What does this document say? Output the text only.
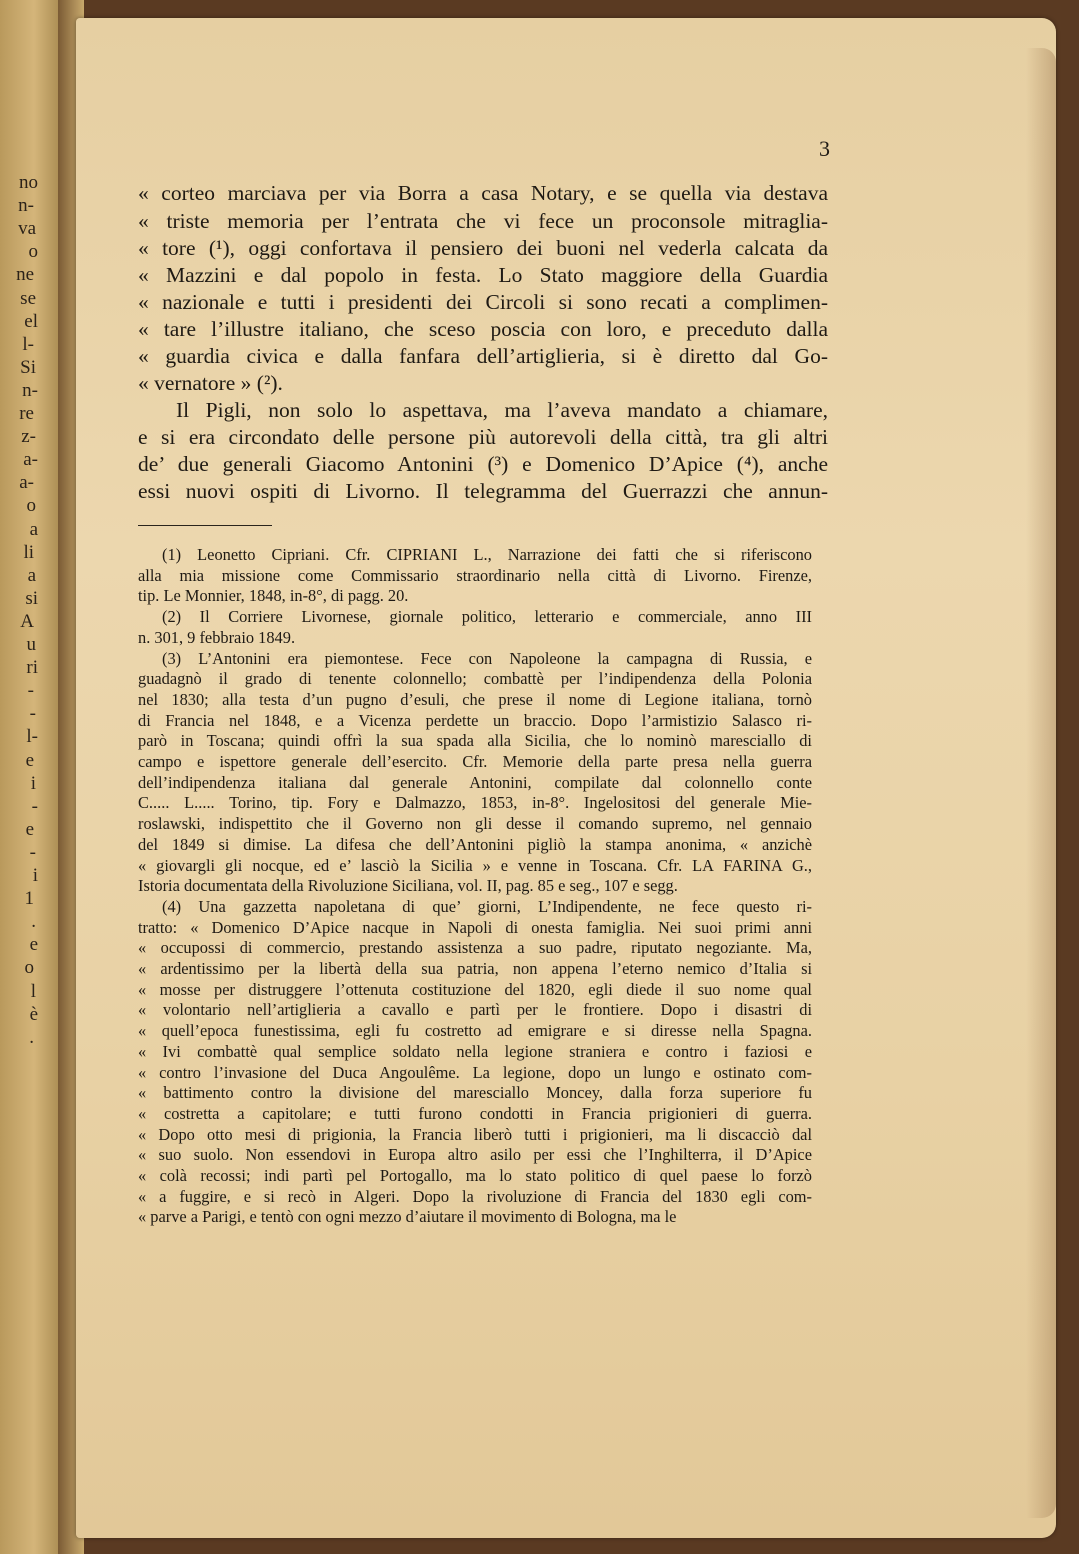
no
n-
va
o
ne
se
el
l-
Si
n-
re
z-
a-
a-
o
a
li
a
si
A
u
ri
-
-
l-
e
i
-
e
-
i
1
.
e
o
l
è
.
3
« corteo marciava per via Borra a casa Notary, e se quella via destava
« triste memoria per l’entrata che vi fece un proconsole mitraglia-
« tore (¹), oggi confortava il pensiero dei buoni nel vederla calcata da
« Mazzini e dal popolo in festa. Lo Stato maggiore della Guardia
« nazionale e tutti i presidenti dei Circoli si sono recati a complimen-
« tare l’illustre italiano, che sceso poscia con loro, e preceduto dalla
« guardia civica e dalla fanfara dell’artiglieria, si è diretto dal Go-
« vernatore » (²).
Il Pigli, non solo lo aspettava, ma l’aveva mandato a chiamare,
e si era circondato delle persone più autorevoli della città, tra gli altri
de’ due generali Giacomo Antonini (³) e Domenico D’Apice (⁴), anche
essi nuovi ospiti di Livorno. Il telegramma del Guerrazzi che annun-
(1) Leonetto Cipriani. Cfr. CIPRIANI L., Narrazione dei fatti che si riferiscono
alla mia missione come Commissario straordinario nella città di Livorno. Firenze,
tip. Le Monnier, 1848, in-8°, di pagg. 20.
(2) Il Corriere Livornese, giornale politico, letterario e commerciale, anno III
n. 301, 9 febbraio 1849.
(3) L’Antonini era piemontese. Fece con Napoleone la campagna di Russia, e
guadagnò il grado di tenente colonnello; combattè per l’indipendenza della Polonia
nel 1830; alla testa d’un pugno d’esuli, che prese il nome di Legione italiana, tornò
di Francia nel 1848, e a Vicenza perdette un braccio. Dopo l’armistizio Salasco ri-
parò in Toscana; quindi offrì la sua spada alla Sicilia, che lo nominò maresciallo di
campo e ispettore generale dell’esercito. Cfr. Memorie della parte presa nella guerra
dell’indipendenza italiana dal generale Antonini, compilate dal colonnello conte
C..... L..... Torino, tip. Fory e Dalmazzo, 1853, in-8°. Ingelositosi del generale Mie-
roslawski, indispettito che il Governo non gli desse il comando supremo, nel gennaio
del 1849 si dimise. La difesa che dell’Antonini pigliò la stampa anonima, « anzichè
« giovargli gli nocque, ed e’ lasciò la Sicilia » e venne in Toscana. Cfr. LA FARINA G.,
Istoria documentata della Rivoluzione Siciliana, vol. II, pag. 85 e seg., 107 e segg.
(4) Una gazzetta napoletana di que’ giorni, L’Indipendente, ne fece questo ri-
tratto: « Domenico D’Apice nacque in Napoli di onesta famiglia. Nei suoi primi anni
« occupossi di commercio, prestando assistenza a suo padre, riputato negoziante. Ma,
« ardentissimo per la libertà della sua patria, non appena l’eterno nemico d’Italia si
« mosse per distruggere l’ottenuta costituzione del 1820, egli diede il suo nome qual
« volontario nell’artiglieria a cavallo e partì per le frontiere. Dopo i disastri di
« quell’epoca funestissima, egli fu costretto ad emigrare e si diresse nella Spagna.
« Ivi combattè qual semplice soldato nella legione straniera e contro i faziosi e
« contro l’invasione del Duca Angoulême. La legione, dopo un lungo e ostinato com-
« battimento contro la divisione del maresciallo Moncey, dalla forza superiore fu
« costretta a capitolare; e tutti furono condotti in Francia prigionieri di guerra.
« Dopo otto mesi di prigionia, la Francia liberò tutti i prigionieri, ma li discacciò dal
« suo suolo. Non essendovi in Europa altro asilo per essi che l’Inghilterra, il D’Apice
« colà recossi; indi partì pel Portogallo, ma lo stato politico di quel paese lo forzò
« a fuggire, e si recò in Algeri. Dopo la rivoluzione di Francia del 1830 egli com-
« parve a Parigi, e tentò con ogni mezzo d’aiutare il movimento di Bologna, ma le
